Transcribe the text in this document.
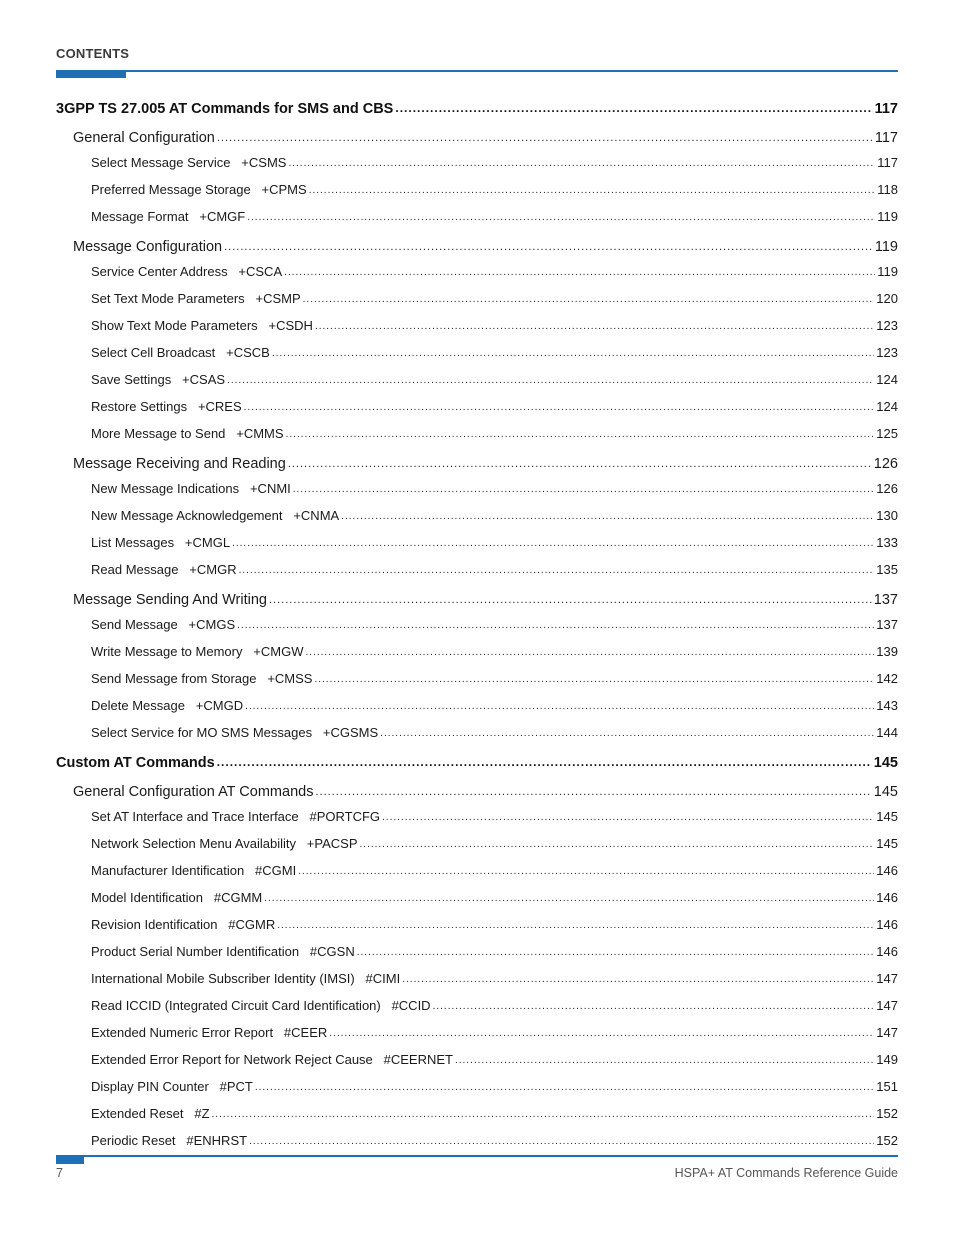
CONTENTS
3GPP TS 27.005 AT Commands for SMS and CBS .....	117
General Configuration .....	117
Select Message Service   +CSMS .....	117
Preferred Message Storage   +CPMS .....	118
Message Format   +CMGF .....	119
Message Configuration .....	119
Service Center Address   +CSCA .....	119
Set Text Mode Parameters   +CSMP .....	120
Show Text Mode Parameters   +CSDH .....	123
Select Cell Broadcast   +CSCB .....	123
Save Settings   +CSAS .....	124
Restore Settings   +CRES .....	124
More Message to Send   +CMMS .....	125
Message Receiving and Reading .....	126
New Message Indications   +CNMI .....	126
New Message Acknowledgement   +CNMA .....	130
List Messages   +CMGL .....	133
Read Message   +CMGR .....	135
Message Sending And Writing .....	137
Send Message   +CMGS .....	137
Write Message to Memory   +CMGW .....	139
Send Message from Storage   +CMSS .....	142
Delete Message   +CMGD .....	143
Select Service for MO SMS Messages   +CGSMS .....	144
Custom AT Commands .....	145
General Configuration AT Commands .....	145
Set AT Interface and Trace Interface   #PORTCFG .....	145
Network Selection Menu Availability   +PACSP .....	145
Manufacturer Identification   #CGMI .....	146
Model Identification   #CGMM .....	146
Revision Identification   #CGMR .....	146
Product Serial Number Identification   #CGSN .....	146
International Mobile Subscriber Identity (IMSI)   #CIMI .....	147
Read ICCID (Integrated Circuit Card Identification)   #CCID .....	147
Extended Numeric Error Report   #CEER .....	147
Extended Error Report for Network Reject Cause   #CEERNET .....	149
Display PIN Counter   #PCT .....	151
Extended Reset   #Z .....	152
Periodic Reset   #ENHRST .....	152
7	HSPA+ AT Commands Reference Guide
